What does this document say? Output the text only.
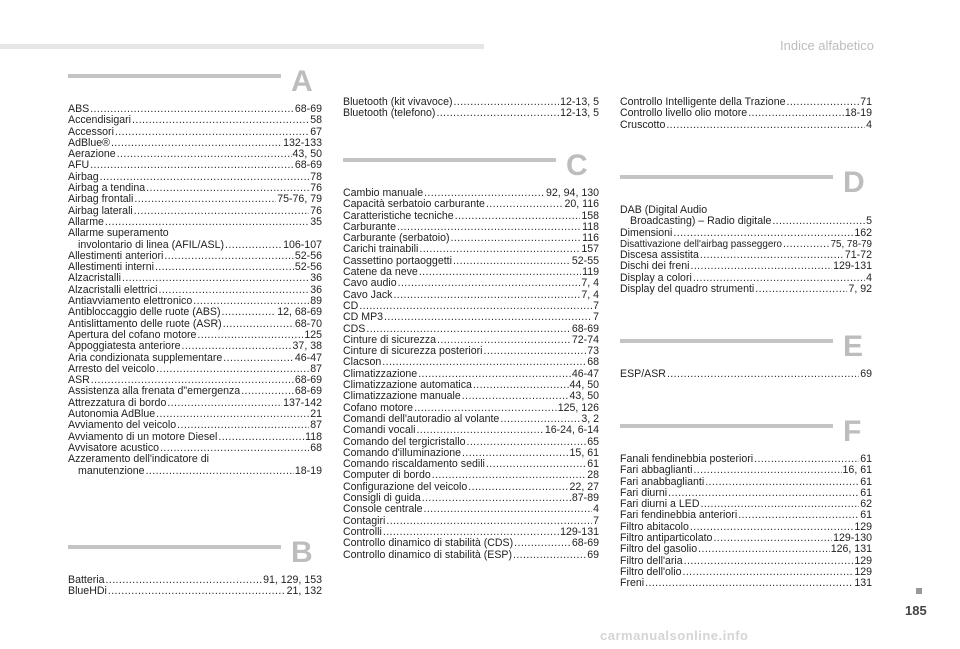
Indice alfabetico
A
ABS .....	68-69
Accendisigari .....	58
Accessori .....	67
AdBlue® .....	132-133
Aerazione .....	43, 50
AFU .....	68-69
Airbag .....	78
Airbag a tendina .....	76
Airbag frontali .....	75-76, 79
Airbag laterali .....	76
Allarme .....	35
Allarme superamento
involontario di linea (AFIL/ASL) .....	106-107
Allestimenti anteriori .....	52-56
Allestimenti interni .....	52-56
Alzacristalli .....	36
Alzacristalli elettrici .....	36
Antiavviamento elettronico .....	89
Antibloccaggio delle ruote (ABS) .....	12, 68-69
Antislittamento delle ruote (ASR) .....	68-70
Apertura del cofano motore .....	125
Appoggiatesta anteriore .....	37, 38
Aria condizionata supplementare .....	46-47
Arresto del veicolo .....	87
ASR .....	68-69
Assistenza alla frenata d"emergenza .....	68-69
Attrezzatura di bordo .....	137-142
Autonomia AdBlue .....	21
Avviamento del veicolo .....	87
Avviamento di un motore Diesel .....	118
Avvisatore acustico .....	68
Azzeramento dell'indicatore di
manutenzione .....	18-19
B
Batteria .....	91, 129, 153
BlueHDi .....	21, 132
Bluetooth (kit vivavoce) .....	12-13, 5
Bluetooth (telefono) .....	12-13, 5
C
Cambio manuale .....	92, 94, 130
Capacità serbatoio carburante .....	20, 116
Caratteristiche tecniche .....	158
Carburante .....	118
Carburante (serbatoio) .....	116
Carichi trainabili .....	157
Cassettino portaoggetti .....	52-55
Catene da neve .....	119
Cavo audio .....	7, 4
Cavo Jack .....	7, 4
CD .....	7
CD MP3 .....	7
CDS .....	68-69
Cinture di sicurezza .....	72-74
Cinture di sicurezza posteriori .....	73
Clacson .....	68
Climatizzazione .....	46-47
Climatizzazione automatica .....	44, 50
Climatizzazione manuale .....	43, 50
Cofano motore .....	125, 126
Comandi dell'autoradio al volante .....	3, 2
Comandi vocali .....	16-24, 6-14
Comando del tergicristallo .....	65
Comando d'illuminazione .....	15, 61
Comando riscaldamento sedili .....	61
Computer di bordo .....	28
Configurazione del veicolo .....	22, 27
Consigli di guida .....	87-89
Console centrale .....	4
Contagiri .....	7
Controlli .....	129-131
Controllo dinamico di stabilità (CDS) .....	68-69
Controllo dinamico di stabilità (ESP) .....	69
Controllo Intelligente della Trazione .....	71
Controllo livello olio motore .....	18-19
Cruscotto .....	4
D
DAB (Digital Audio
Broadcasting) – Radio digitale .....	5
Dimensioni .....	162
Disattivazione dell'airbag passeggero .....	75, 78-79
Discesa assistita .....	71-72
Dischi dei freni .....	129-131
Display a colori .....	4
Display del quadro strumenti .....	7, 92
E
ESP/ASR .....	69
F
Fanali fendinebbia posteriori .....	61
Fari abbaglianti .....	16, 61
Fari anabbaglianti .....	61
Fari diurni .....	61
Fari diurni a LED .....	62
Fari fendinebbia anteriori .....	61
Filtro abitacolo .....	129
Filtro antiparticolato .....	129-130
Filtro del gasolio .....	126, 131
Filtro dell'aria .....	129
Filtro dell'olio .....	129
Freni .....	131
185
carmanualsonline.info
